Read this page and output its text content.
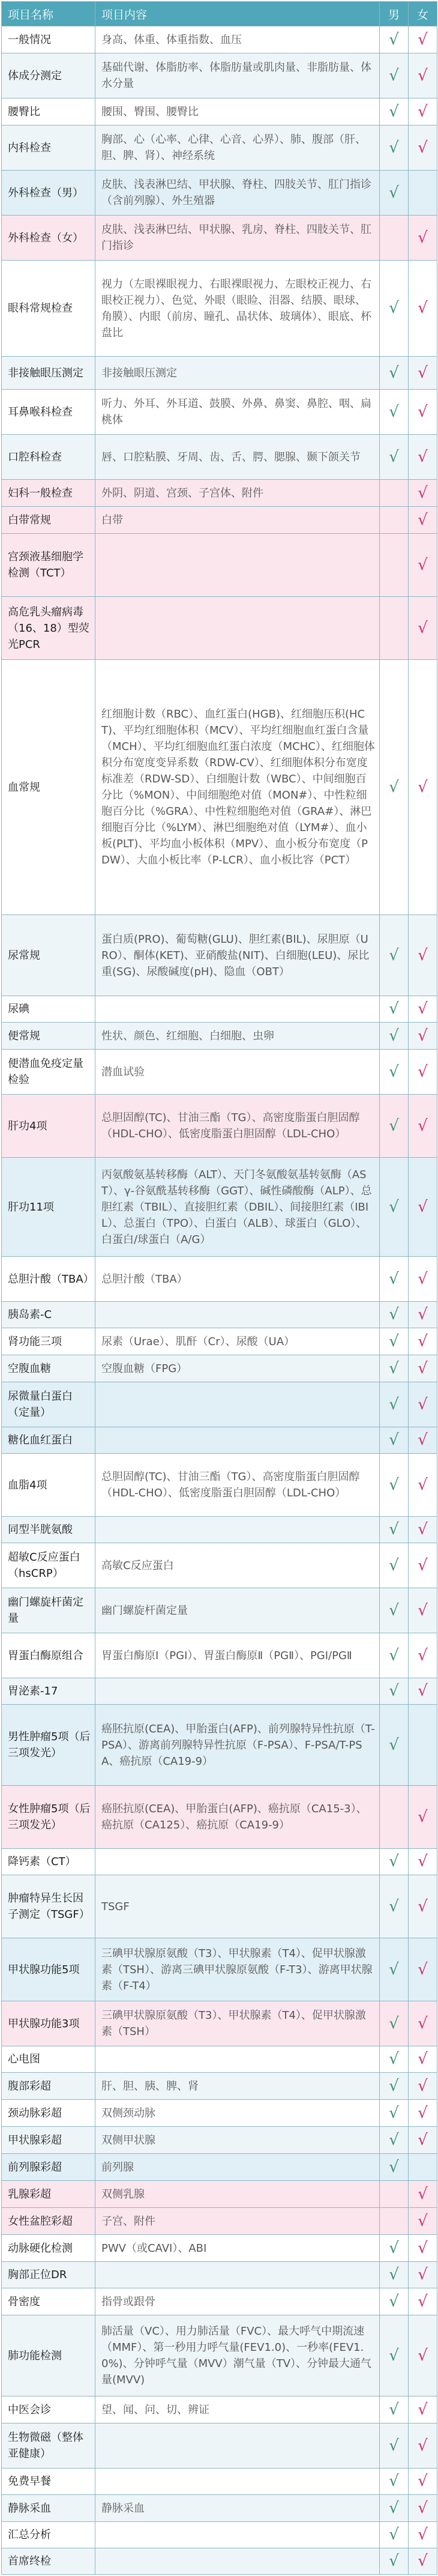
项目名称	项目内容	男	女
一般情况	身高、体重、体重指数、血压	√	√
体成分测定	基础代谢、体脂肪率、体脂肪量或肌肉量、非脂肪量、体水分量	√	√
腰臀比	腰围、臀围、腰臀比	√	√
内科检查	胸部、心（心率、心律、心音、心界）、肺、腹部（肝、胆、脾、肾）、神经系统	√	√
外科检查（男）	皮肤、浅表淋巴结、甲状腺、脊柱、四肢关节、肛门指诊（含前列腺）、外生殖器	√	
外科检查（女）	皮肤、浅表淋巴结、甲状腺、乳房、脊柱、四肢关节、肛门指诊		√
眼科常规检查	视力（左眼裸眼视力、右眼裸眼视力、左眼校正视力、右眼校正视力）、色觉、外眼（眼睑、泪器、结膜、眼球、角膜）、内眼（前房、瞳孔、晶状体、玻璃体）、眼底、杯盘比	√	√
非接触眼压测定	非接触眼压测定	√	√
耳鼻喉科检查	听力、外耳、外耳道、鼓膜、外鼻、鼻窦、鼻腔、咽、扁桃体	√	√
口腔科检查	唇、口腔粘膜、牙周、齿、舌、腭、腮腺、颞下颌关节	√	√
妇科一般检查	外阴、阴道、宫颈、子宫体、附件		√
白带常规	白带		√
宫颈液基细胞学检测（TCT）			√
高危乳头瘤病毒（16、18）型荧光PCR			√
血常规	红细胞计数（RBC）、血红蛋白(HGB)、红细胞压积(HCT)、平均红细胞体积（MCV）、平均红细胞血红蛋白含量（MCH）、平均红细胞血红蛋白浓度（MCHC）、红细胞体积分布宽度变异系数（RDW-CV）、红细胞体积分布宽度标准差（RDW-SD）、白细胞计数（WBC）、中间细胞百分比（%MON）、中间细胞绝对值（MON#）、中性粒细胞百分比（%GRA）、中性粒细胞绝对值（GRA#）、淋巴细胞百分比（%LYM）、淋巴细胞绝对值（LYM#）、血小板(PLT)、平均血小板体积（MPV）、血小板分布宽度（PDW）、大血小板比率（P-LCR）、血小板比容（PCT）	√	√
尿常规	蛋白质(PRO)、葡萄糖(GLU)、胆红素(BIL)、尿胆原（URO）、酮体(KET)、亚硝酸盐(NIT)、白细胞(LEU)、尿比重(SG)、尿酸碱度(pH)、隐血（OBT）	√	√
尿碘		√	√
便常规	性状、颜色、红细胞、白细胞、虫卵	√	√
便潜血免疫定量检验	潜血试验	√	√
肝功4项	总胆固醇(TC)、甘油三酯（TG）、高密度脂蛋白胆固醇（HDL-CHO）、低密度脂蛋白胆固醇（LDL-CHO）	√	√
肝功11项	丙氨酸氨基转移酶（ALT）、天门冬氨酸氨基转氨酶（AST）、γ-谷氨酰基转移酶（GGT）、碱性磷酸酶（ALP）、总胆红素（TBIL）、直接胆红素（DBIL）、间接胆红素（IBIL）、总蛋白（TPO）、白蛋白（ALB）、球蛋白（GLO）、白蛋白/球蛋白（A/G）	√	√
总胆汁酸（TBA）	总胆汁酸（TBA）	√	√
胰岛素-C		√	√
肾功能三项	尿素（Urae）、肌酐（Cr）、尿酸（UA）	√	√
空腹血糖	空腹血糖（FPG）	√	√
尿微量白蛋白（定量）		√	√
糖化血红蛋白		√	√
血脂4项	总胆固醇(TC)、甘油三酯（TG）、高密度脂蛋白胆固醇（HDL-CHO）、低密度脂蛋白胆固醇（LDL-CHO）	√	√
同型半胱氨酸		√	√
超敏C反应蛋白（hsCRP）	高敏C反应蛋白	√	√
幽门螺旋杆菌定量	幽门螺旋杆菌定量	√	√
胃蛋白酶原组合	胃蛋白酶原Ⅰ（PGⅠ）、胃蛋白酶原Ⅱ（PGⅡ）、PGⅠ/PGⅡ	√	√
胃泌素-17		√	√
男性肿瘤5项（后三项发光）	癌胚抗原(CEA)、甲胎蛋白(AFP)、前列腺特异性抗原（T-PSA）、游离前列腺特异性抗原（F-PSA）、F-PSA/T-PSA、癌抗原（CA19-9）	√	
女性肿瘤5项（后三项发光）	癌胚抗原(CEA)、甲胎蛋白(AFP)、癌抗原（CA15-3）、癌抗原（CA125）、癌抗原（CA19-9）		√
降钙素（CT）		√	√
肿瘤特异生长因子测定（TSGF）	TSGF	√	√
甲状腺功能5项	三碘甲状腺原氨酸（T3）、甲状腺素（T4）、促甲状腺激素（TSH）、游离三碘甲状腺原氨酸（F-T3）、游离甲状腺素（F-T4）	√	√
甲状腺功能3项	三碘甲状腺原氨酸（T3）、甲状腺素（T4）、促甲状腺激素（TSH）	√	√
心电图		√	√
腹部彩超	肝、胆、胰、脾、肾	√	√
颈动脉彩超	双侧颈动脉	√	√
甲状腺彩超	双侧甲状腺	√	√
前列腺彩超	前列腺	√	
乳腺彩超	双侧乳腺		√
女性盆腔彩超	子宫、附件		√
动脉硬化检测	PWV（或CAVI）、ABI	√	√
胸部正位DR		√	√
骨密度	指骨或跟骨	√	√
肺功能检测	肺活量（VC）、用力肺活量（FVC）、最大呼气中期流速（MMF）、第一秒用力呼气量(FEV1.0)、一秒率(FEV1.0%)、分钟呼气量（MVV）潮气量（TV）、分钟最大通气量(MVV)	√	√
中医会诊	望、闻、问、切、辨证	√	√
生物微磁（整体亚健康）		√	√
免费早餐		√	√
静脉采血	静脉采血	√	√
汇总分析		√	√
首席终检		√	√
